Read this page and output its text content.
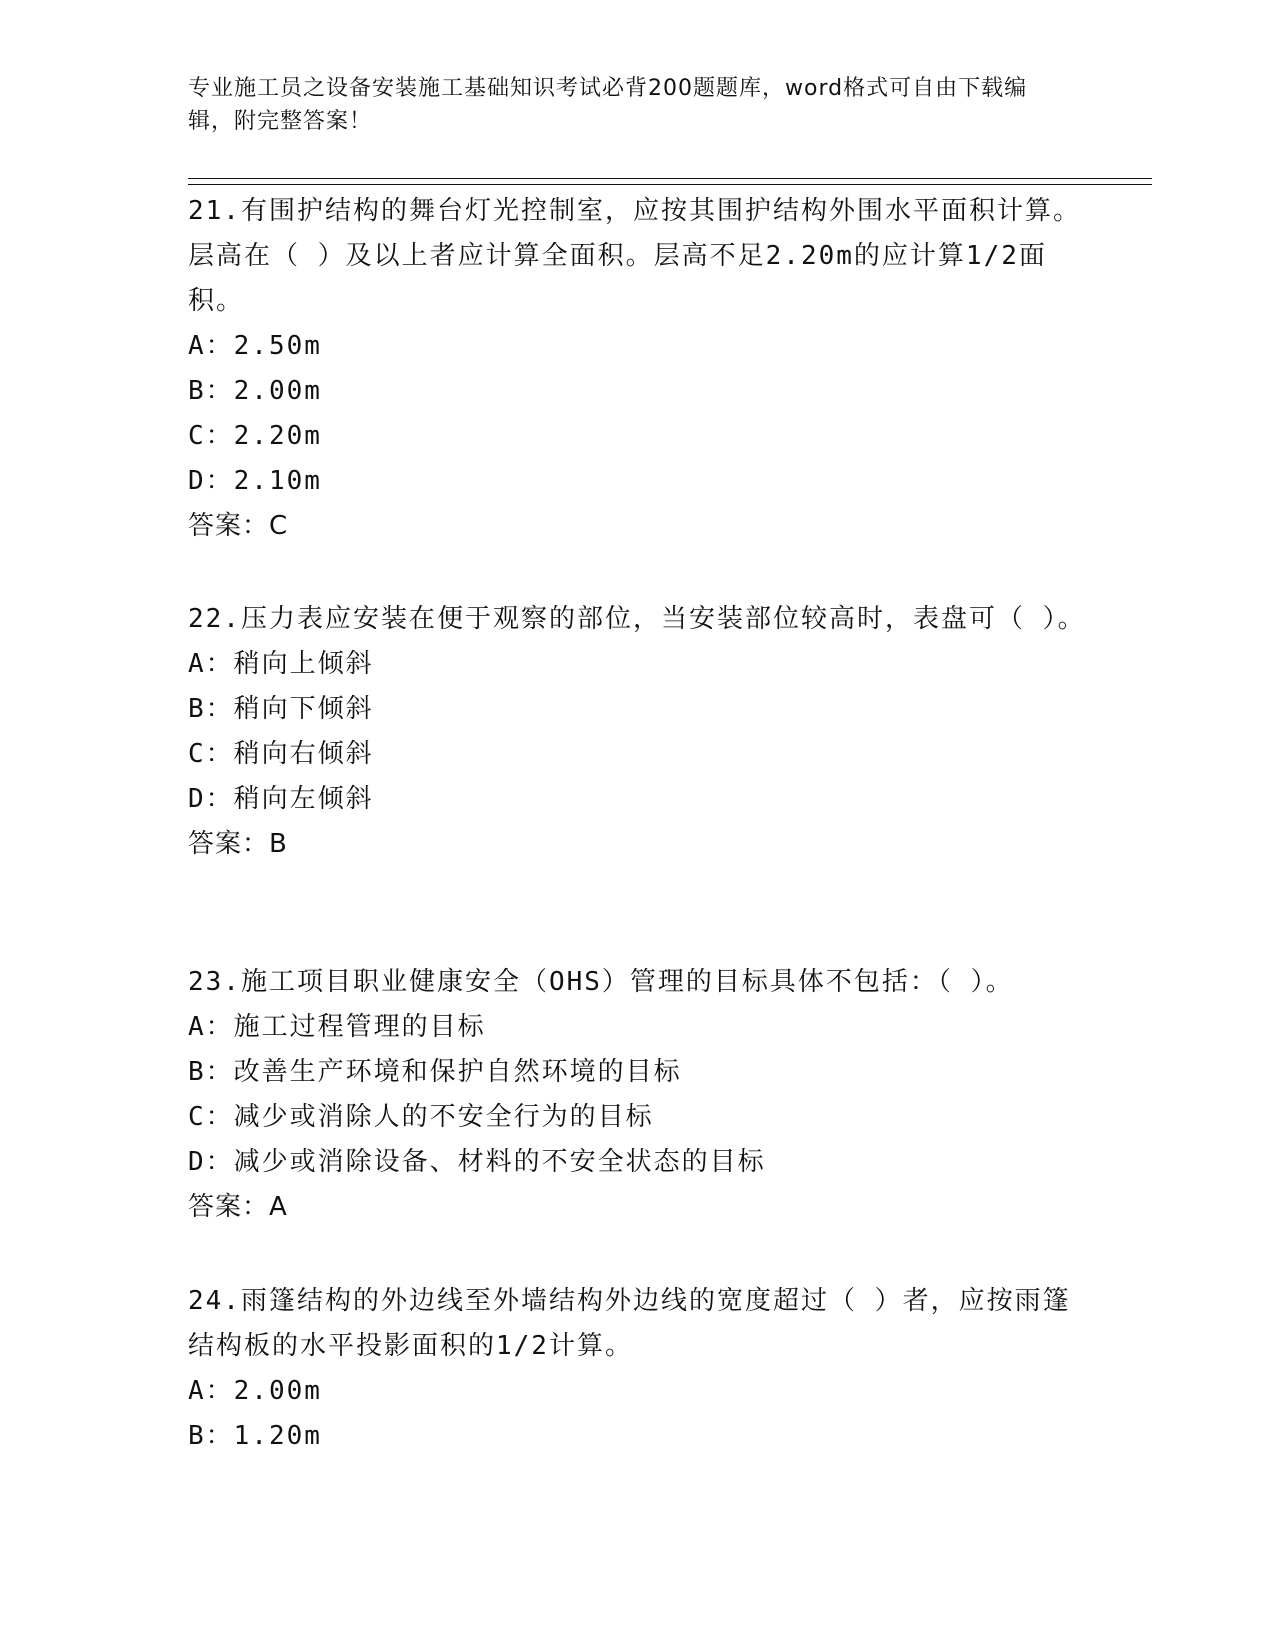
专业施工员之设备安装施工基础知识考试必背200题题库，word格式可自由下载编辑，附完整答案！

21.有围护结构的舞台灯光控制室，应按其围护结构外围水平面积计算。层高在（ ）及以上者应计算全面积。层高不足2.20m的应计算1/2面积。

A：2.50m

B：2.00m

C：2.20m

D：2.10m

答案：C

22.压力表应安装在便于观察的部位，当安装部位较高时，表盘可（ ）。

A：稍向上倾斜

B：稍向下倾斜

C：稍向右倾斜

D：稍向左倾斜

答案：B

23.施工项目职业健康安全（OHS）管理的目标具体不包括：（ ）。

A：施工过程管理的目标

B：改善生产环境和保护自然环境的目标

C：减少或消除人的不安全行为的目标

D：减少或消除设备、材料的不安全状态的目标

答案：A

24.雨篷结构的外边线至外墙结构外边线的宽度超过（ ）者，应按雨篷结构板的水平投影面积的1/2计算。

A：2.00m

B：1.20m
